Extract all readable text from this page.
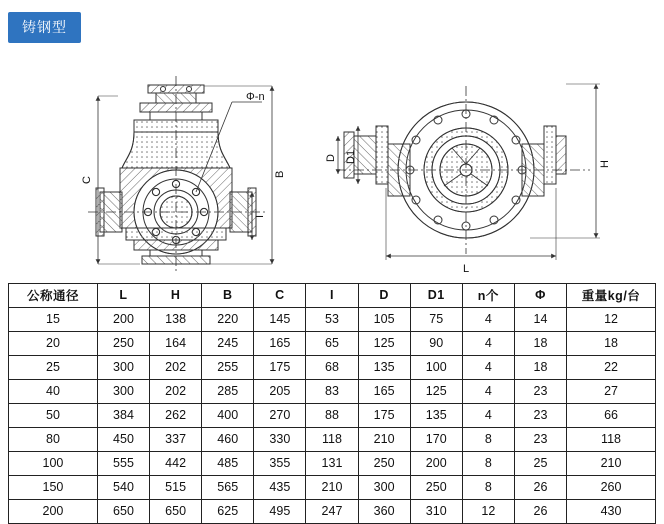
铸钢型
Φ-n
B
C
I
D D1
L
H
公称通径	L	H	B	C	I	D	D1	n个	Φ	重量kg/台
15	200	138	220	145	53	105	75	4	14	12
20	250	164	245	165	65	125	90	4	18	18
25	300	202	255	175	68	135	100	4	18	22
40	300	202	285	205	83	165	125	4	23	27
50	384	262	400	270	88	175	135	4	23	66
80	450	337	460	330	118	210	170	8	23	118
100	555	442	485	355	131	250	200	8	25	210
150	540	515	565	435	210	300	250	8	26	260
200	650	650	625	495	247	360	310	12	26	430
